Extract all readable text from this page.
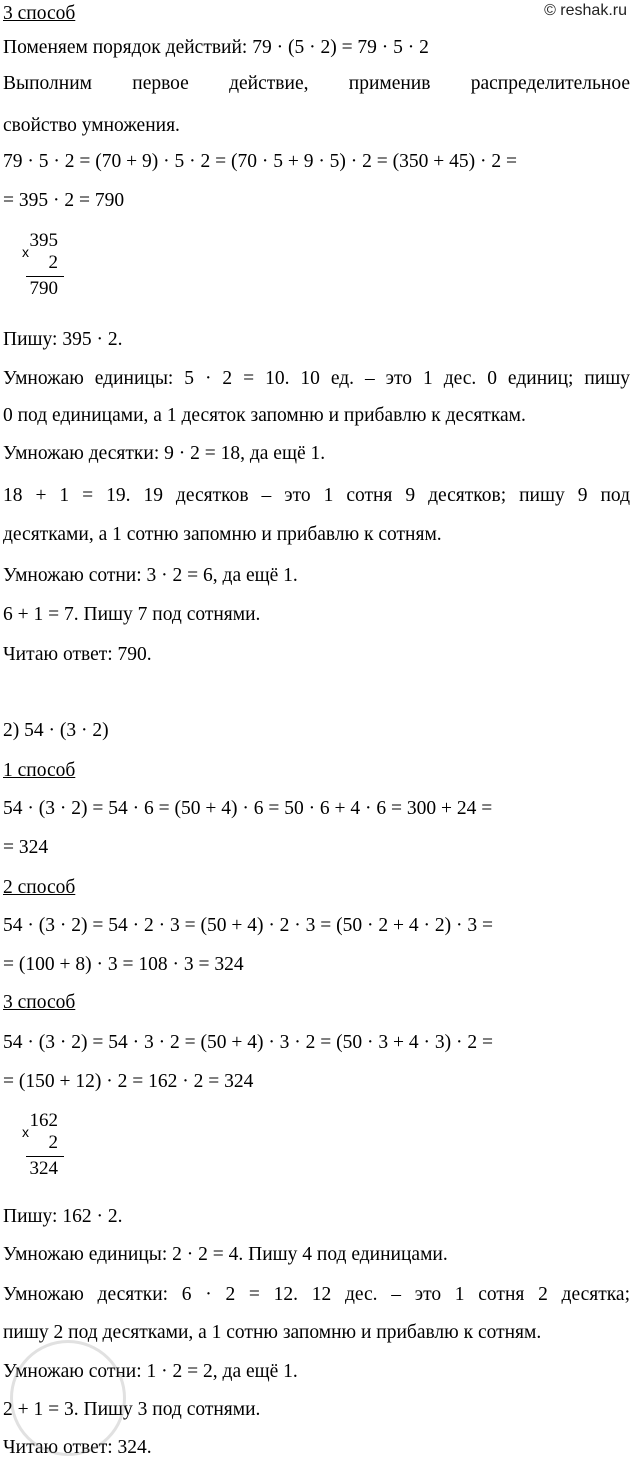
© reshak.ru
3 способ
Поменяем порядок действий: 79 · (5 · 2) = 79 · 5 · 2
Выполним первое действие, применив распределительное
свойство умножения.
79 · 5 · 2 = (70 + 9) · 5 · 2 = (70 · 5 + 9 · 5) · 2 = (350 + 45) · 2 =
= 395 · 2 = 790
x
395
2
790
Пишу: 395 · 2.
Умножаю единицы: 5 · 2 = 10. 10 ед. – это 1 дес. 0 единиц; пишу
0 под единицами, а 1 десяток запомню и прибавлю к десяткам.
Умножаю десятки: 9 · 2 = 18, да ещё 1.
18 + 1 = 19. 19 десятков – это 1 сотня 9 десятков; пишу 9 под
десятками, а 1 сотню запомню и прибавлю к сотням.
Умножаю сотни: 3 · 2 = 6, да ещё 1.
6 + 1 = 7. Пишу 7 под сотнями.
Читаю ответ: 790.
2) 54 · (3 · 2)
1 способ
54 · (3 · 2) = 54 · 6 = (50 + 4) · 6 = 50 · 6 + 4 · 6 = 300 + 24 =
= 324
2 способ
54 · (3 · 2) = 54 · 2 · 3 = (50 + 4) · 2 · 3 = (50 · 2 + 4 · 2) · 3 =
= (100 + 8) · 3 = 108 · 3 = 324
3 способ
54 · (3 · 2) = 54 · 3 · 2 = (50 + 4) · 3 · 2 = (50 · 3 + 4 · 3) · 2 =
= (150 + 12) · 2 = 162 · 2 = 324
x
162
2
324
Пишу: 162 · 2.
Умножаю единицы: 2 · 2 = 4. Пишу 4 под единицами.
Умножаю десятки: 6 · 2 = 12. 12 дес. – это 1 сотня 2 десятка;
пишу 2 под десятками, а 1 сотню запомню и прибавлю к сотням.
Умножаю сотни: 1 · 2 = 2, да ещё 1.
2 + 1 = 3. Пишу 3 под сотнями.
Читаю ответ: 324.
